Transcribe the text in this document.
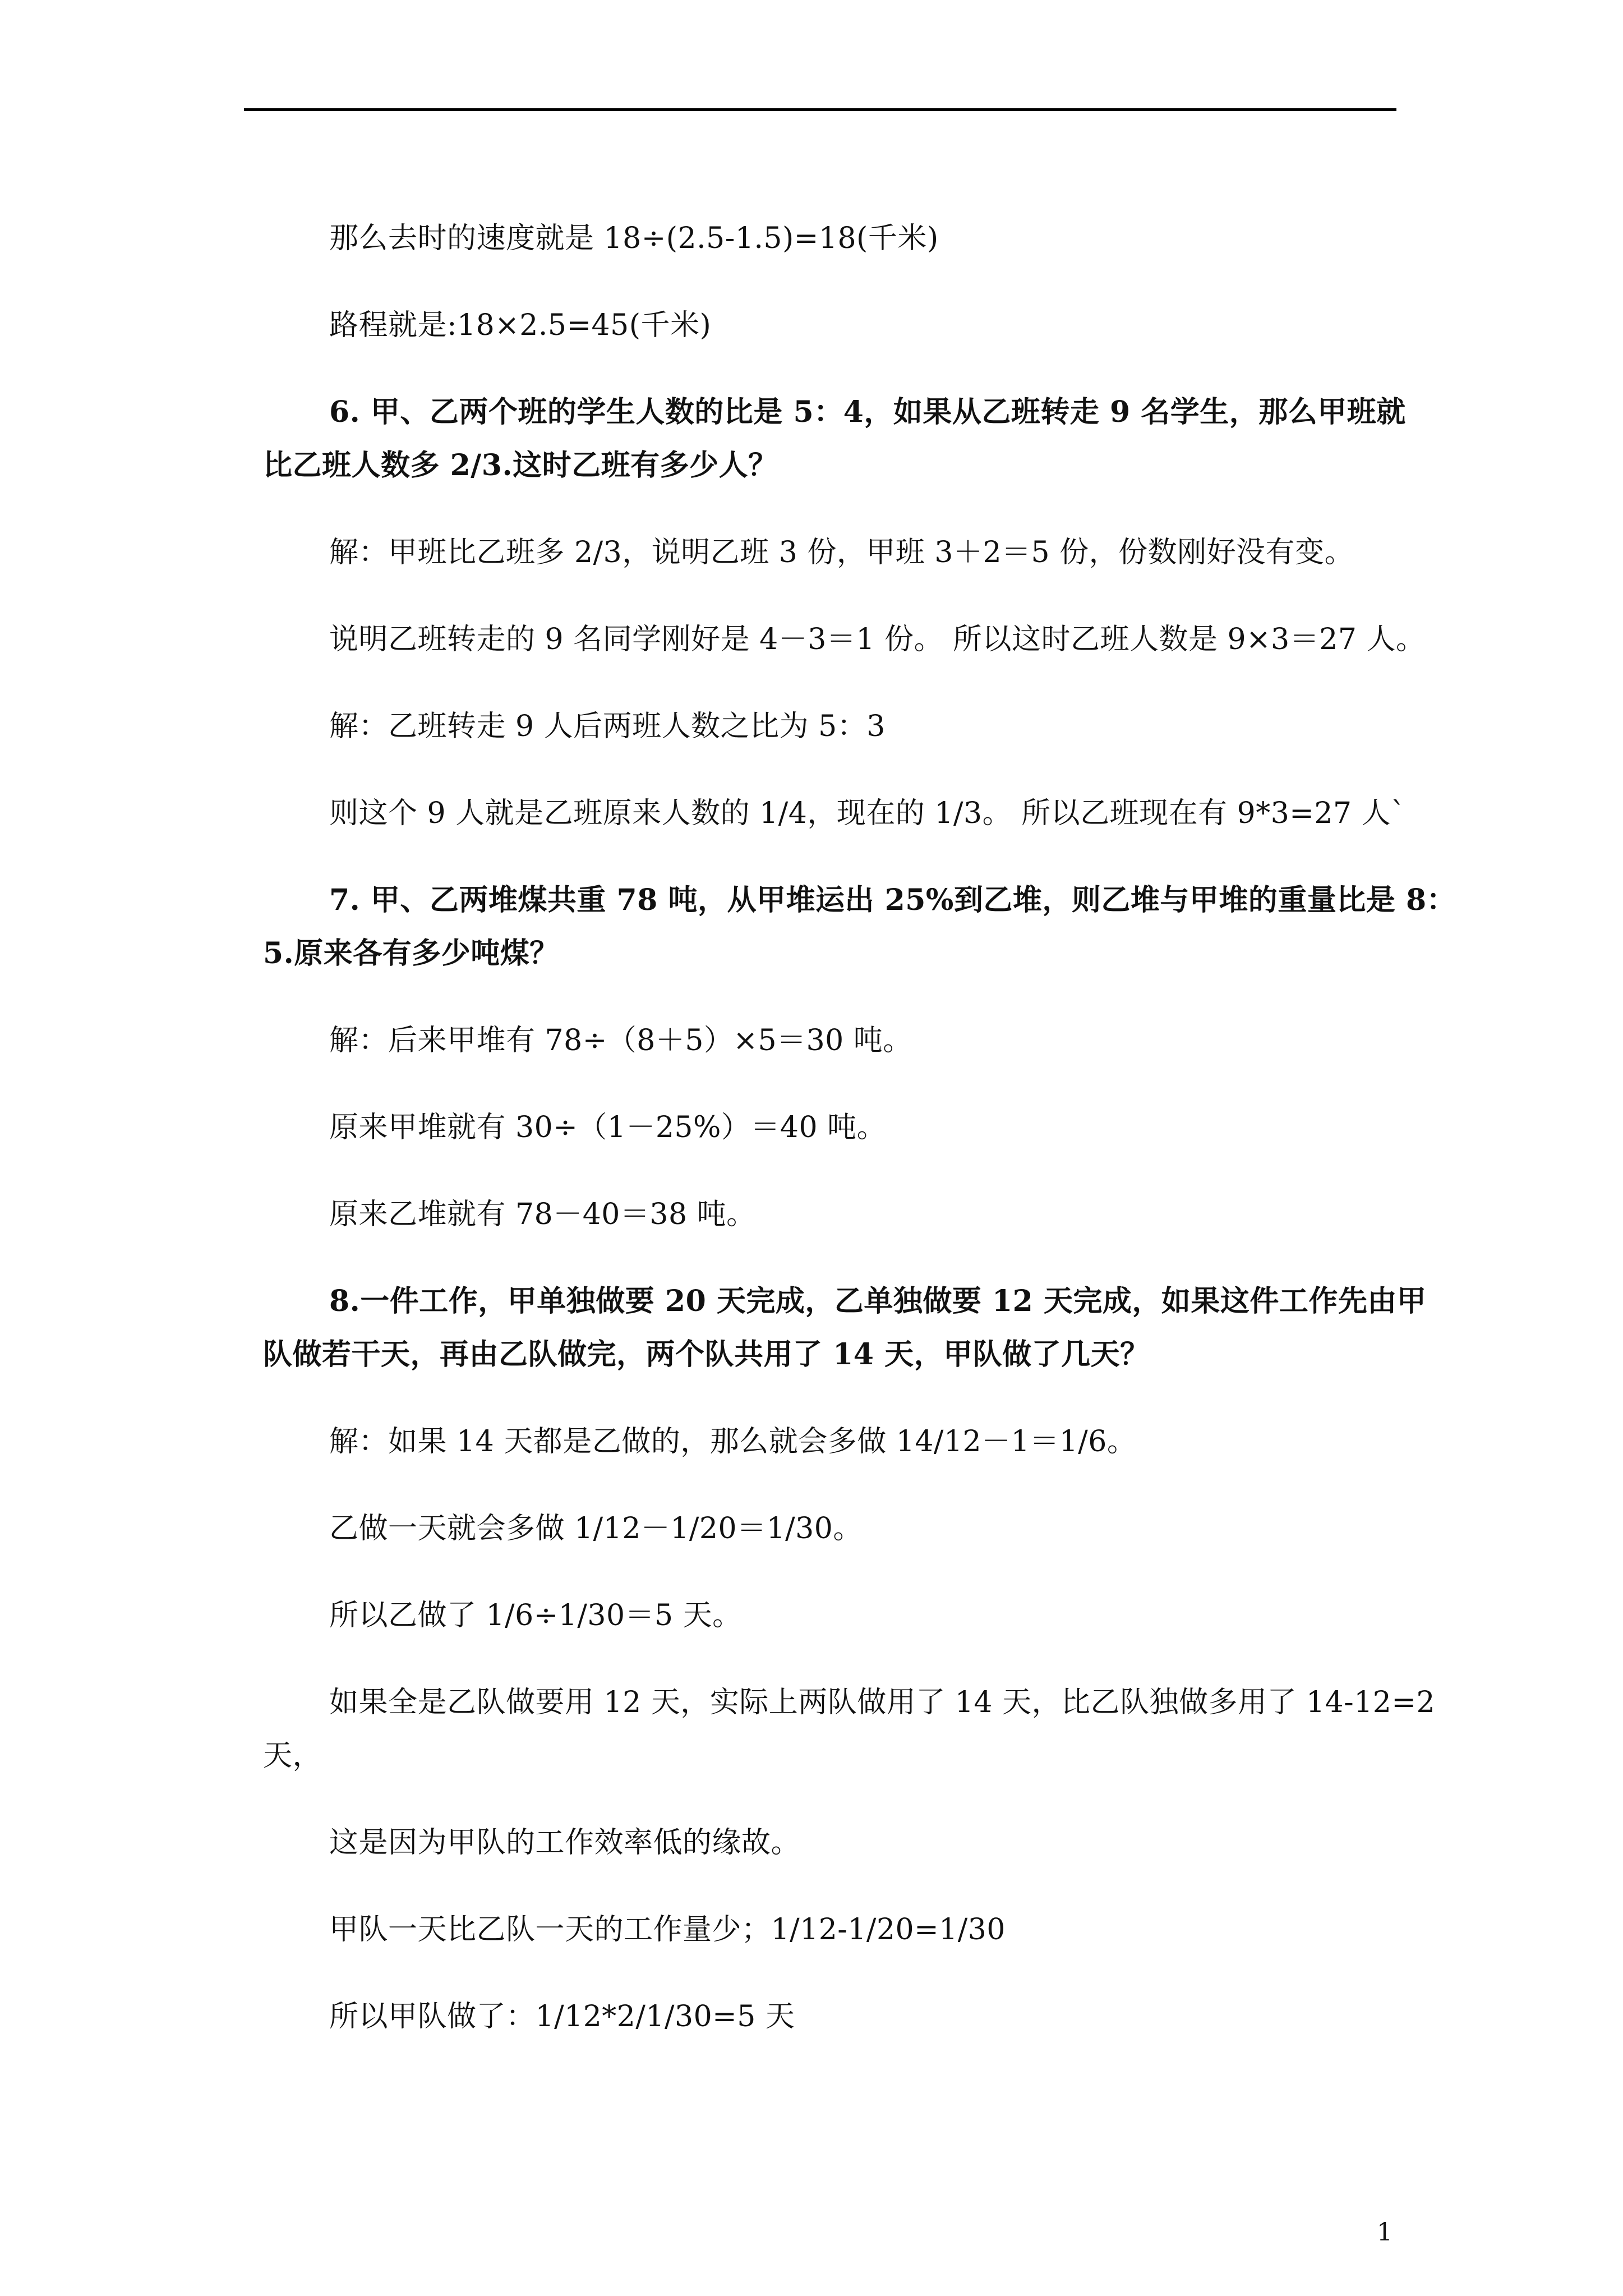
那么去时的速度就是 18÷(2.5-1.5)=18(千米)
路程就是:18×2.5=45(千米)
6. 甲、乙两个班的学生人数的比是 5：4，如果从乙班转走 9 名学生，那么甲班就
比乙班人数多 2/3.这时乙班有多少人？
解：甲班比乙班多 2/3，说明乙班 3 份，甲班 3＋2＝5 份，份数刚好没有变。
说明乙班转走的 9 名同学刚好是 4－3＝1 份。 所以这时乙班人数是 9×3＝27 人。
解：乙班转走 9 人后两班人数之比为 5：3
则这个 9 人就是乙班原来人数的 1/4，现在的 1/3。 所以乙班现在有 9*3=27 人`
7. 甲、乙两堆煤共重 78 吨，从甲堆运出 25%到乙堆，则乙堆与甲堆的重量比是 8：
5.原来各有多少吨煤？
解：后来甲堆有 78÷（8＋5）×5＝30 吨。
原来甲堆就有 30÷（1－25%）＝40 吨。
原来乙堆就有 78－40＝38 吨。
8.一件工作，甲单独做要 20 天完成，乙单独做要 12 天完成，如果这件工作先由甲
队做若干天，再由乙队做完，两个队共用了 14 天，甲队做了几天？
解：如果 14 天都是乙做的，那么就会多做 14/12－1＝1/6。
乙做一天就会多做 1/12－1/20＝1/30。
所以乙做了 1/6÷1/30＝5 天。
如果全是乙队做要用 12 天，实际上两队做用了 14 天，比乙队独做多用了 14-12=2
天，
这是因为甲队的工作效率低的缘故。
甲队一天比乙队一天的工作量少；1/12-1/20=1/30
所以甲队做了：1/12*2/1/30=5 天
1
